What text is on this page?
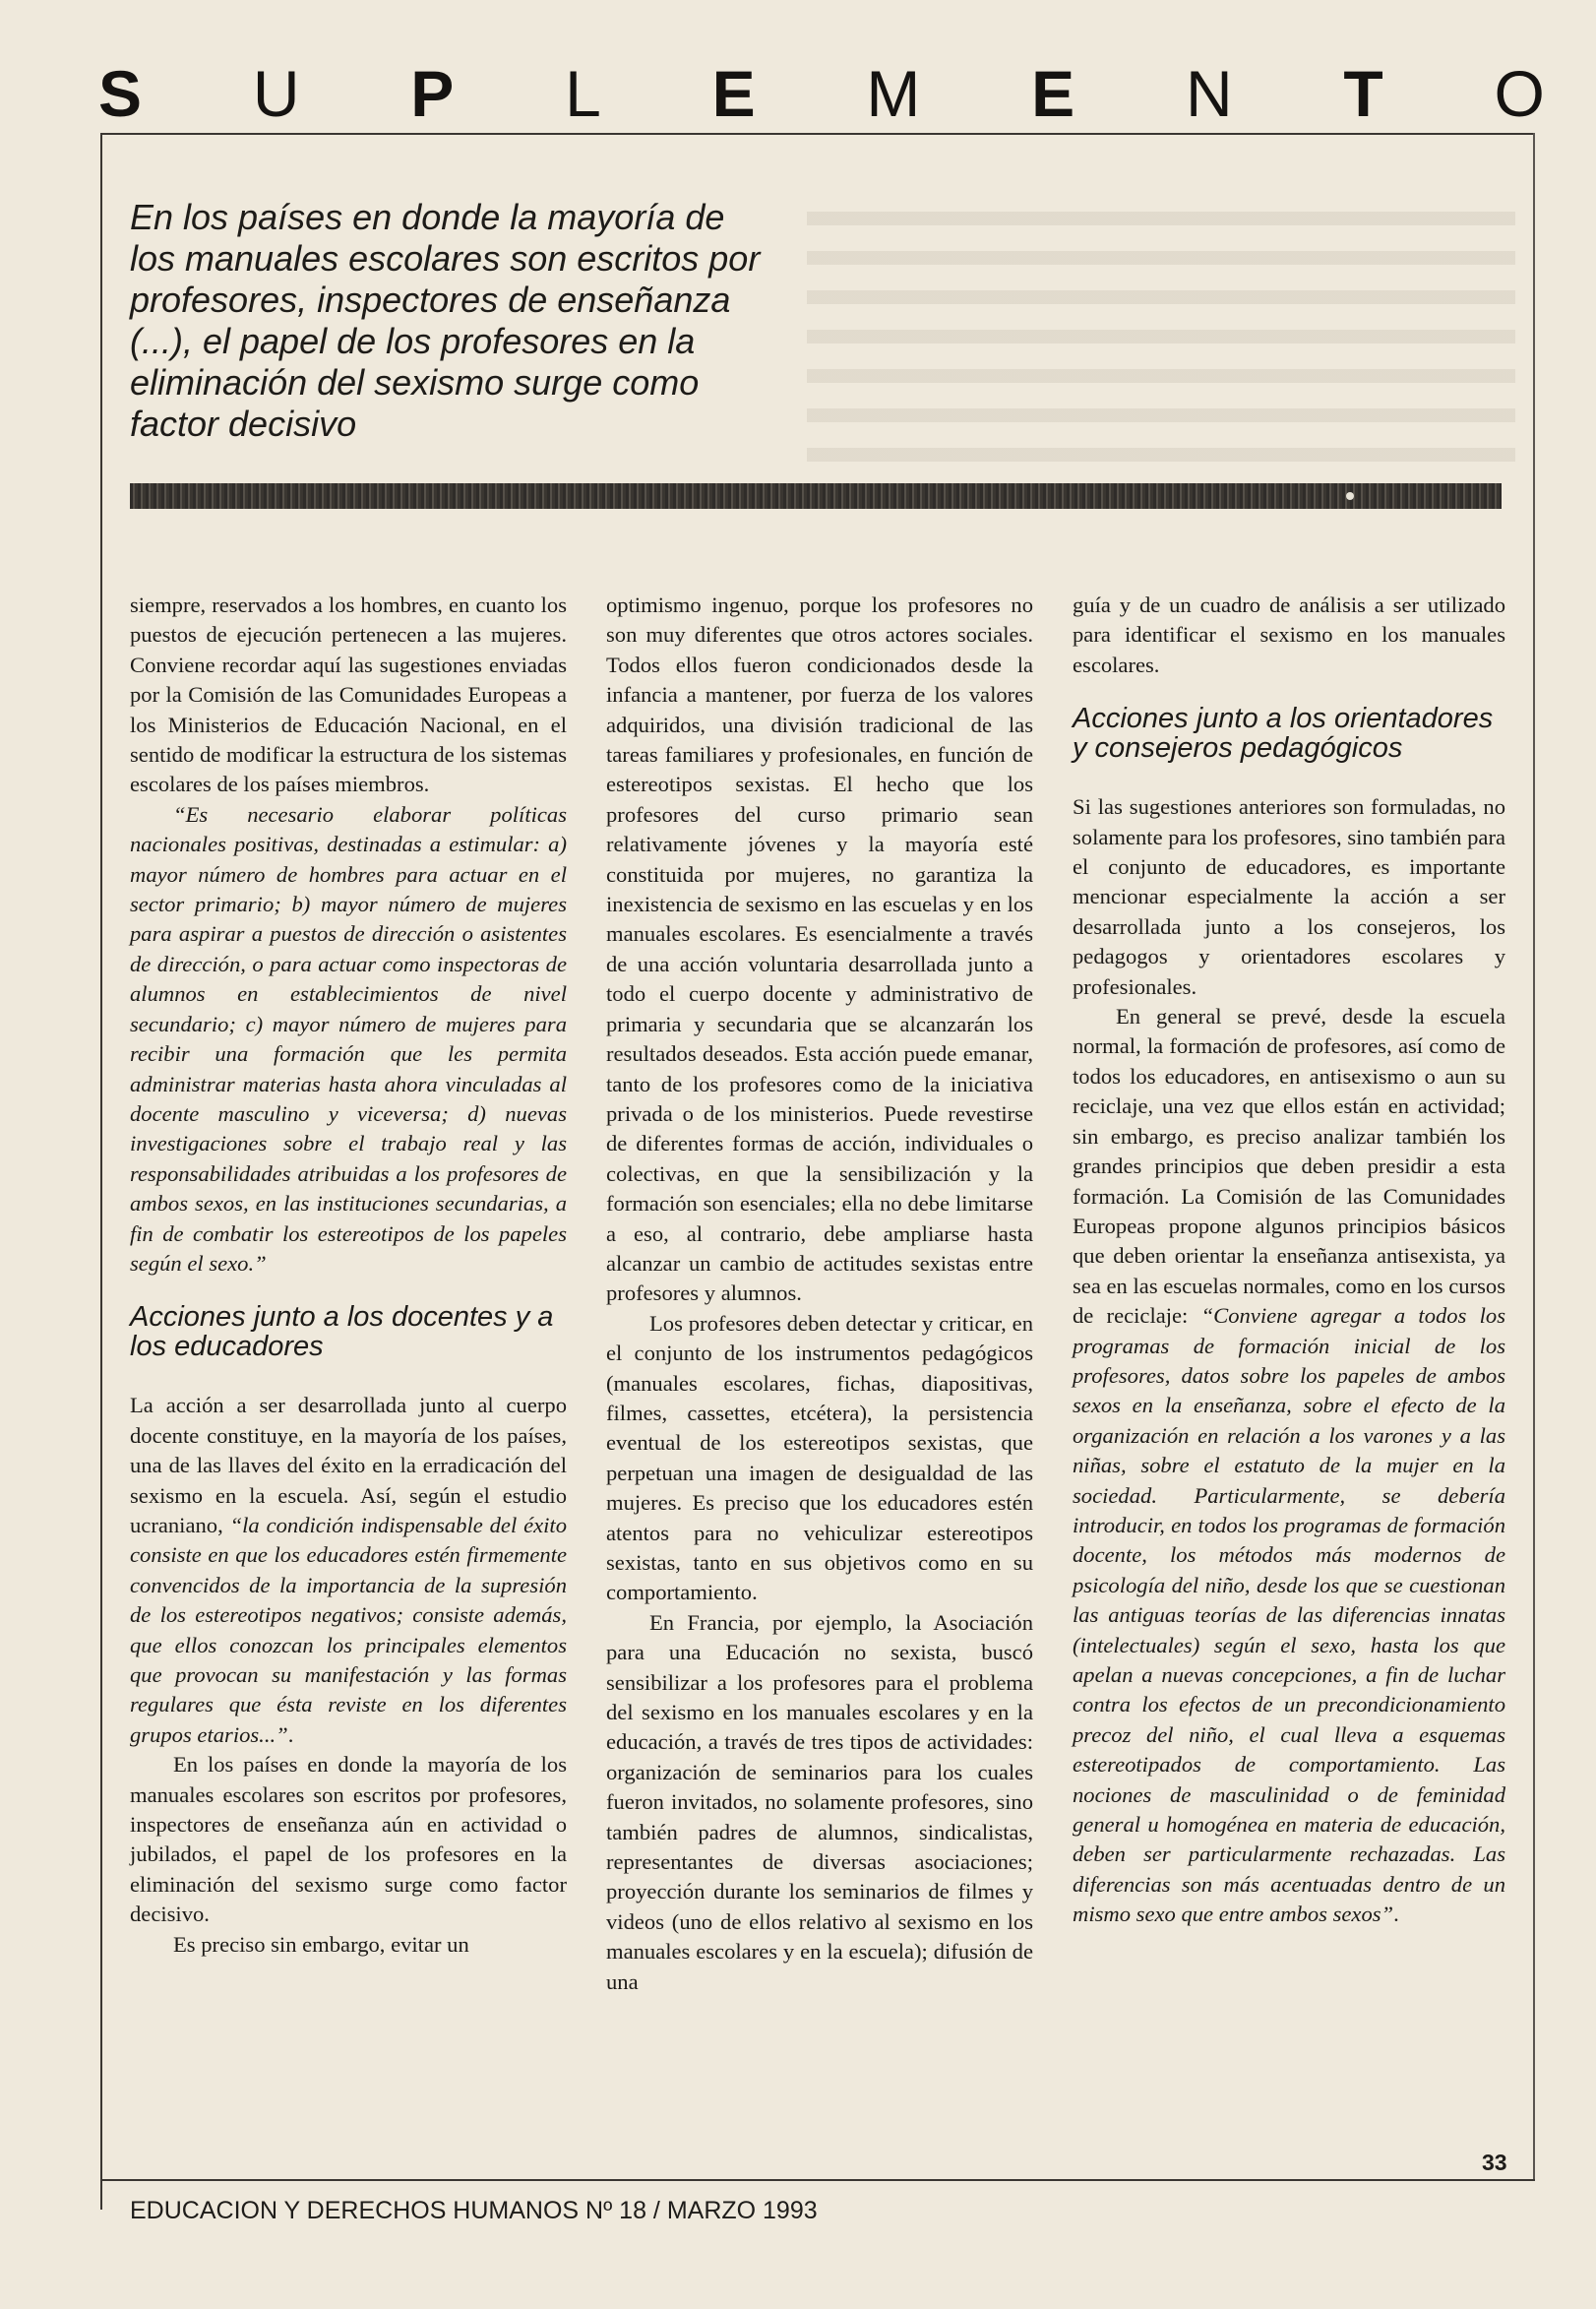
S U P L E M E N T O

En los países en donde la mayoría de los manuales escolares son escritos por profesores, inspectores de enseñanza (...), el papel de los profesores en la eliminación del sexismo surge como factor decisivo

siempre, reservados a los hombres, en cuanto los puestos de ejecución pertenecen a las mujeres. Conviene recordar aquí las sugestiones enviadas por la Comisión de las Comunidades Europeas a los Ministerios de Educación Nacional, en el sentido de modificar la estructura de los sistemas escolares de los países miembros.

“Es necesario elaborar políticas nacionales positivas, destinadas a estimular: a) mayor número de hombres para actuar en el sector primario; b) mayor número de mujeres para aspirar a puestos de dirección o asistentes de dirección, o para actuar como inspectoras de alumnos en establecimientos de nivel secundario; c) mayor número de mujeres para recibir una formación que les permita administrar materias hasta ahora vinculadas al docente masculino y viceversa; d) nuevas investigaciones sobre el trabajo real y las responsabilidades atribuidas a los profesores de ambos sexos, en las instituciones secundarias, a fin de combatir los estereotipos de los papeles según el sexo.”

Acciones junto a los docentes y a los educadores

La acción a ser desarrollada junto al cuerpo docente constituye, en la mayoría de los países, una de las llaves del éxito en la erradicación del sexismo en la escuela. Así, según el estudio ucraniano, “la condición indispensable del éxito consiste en que los educadores estén firmemente convencidos de la importancia de la supresión de los estereotipos negativos; consiste además, que ellos conozcan los principales elementos que provocan su manifestación y las formas regulares que ésta reviste en los diferentes grupos etarios...”.

En los países en donde la mayoría de los manuales escolares son escritos por profesores, inspectores de enseñanza aún en actividad o jubilados, el papel de los profesores en la eliminación del sexismo surge como factor decisivo.

Es preciso sin embargo, evitar un

optimismo ingenuo, porque los profesores no son muy diferentes que otros actores sociales. Todos ellos fueron condicionados desde la infancia a mantener, por fuerza de los valores adquiridos, una división tradicional de las tareas familiares y profesionales, en función de estereotipos sexistas. El hecho que los profesores del curso primario sean relativamente jóvenes y la mayoría esté constituida por mujeres, no garantiza la inexistencia de sexismo en las escuelas y en los manuales escolares. Es esencialmente a través de una acción voluntaria desarrollada junto a todo el cuerpo docente y administrativo de primaria y secundaria que se alcanzarán los resultados deseados. Esta acción puede emanar, tanto de los profesores como de la iniciativa privada o de los ministerios. Puede revestirse de diferentes formas de acción, individuales o colectivas, en que la sensibilización y la formación son esenciales; ella no debe limitarse a eso, al contrario, debe ampliarse hasta alcanzar un cambio de actitudes sexistas entre profesores y alumnos.

Los profesores deben detectar y criticar, en el conjunto de los instrumentos pedagógicos (manuales escolares, fichas, diapositivas, filmes, cassettes, etcétera), la persistencia eventual de los estereotipos sexistas, que perpetuan una imagen de desigualdad de las mujeres. Es preciso que los educadores estén atentos para no vehiculizar estereotipos sexistas, tanto en sus objetivos como en su comportamiento.

En Francia, por ejemplo, la Asociación para una Educación no sexista, buscó sensibilizar a los profesores para el problema del sexismo en los manuales escolares y en la educación, a través de tres tipos de actividades: organización de seminarios para los cuales fueron invitados, no solamente profesores, sino también padres de alumnos, sindicalistas, representantes de diversas asociaciones; proyección durante los seminarios de filmes y videos (uno de ellos relativo al sexismo en los manuales escolares y en la escuela); difusión de una

guía y de un cuadro de análisis a ser utilizado para identificar el sexismo en los manuales escolares.

Acciones junto a los orientadores y consejeros pedagógicos

Si las sugestiones anteriores son formuladas, no solamente para los profesores, sino también para el conjunto de educadores, es importante mencionar especialmente la acción a ser desarrollada junto a los consejeros, los pedagogos y orientadores escolares y profesionales.

En general se prevé, desde la escuela normal, la formación de profesores, así como de todos los educadores, en antisexismo o aun su reciclaje, una vez que ellos están en actividad; sin embargo, es preciso analizar también los grandes principios que deben presidir a esta formación. La Comisión de las Comunidades Europeas propone algunos principios básicos que deben orientar la enseñanza antisexista, ya sea en las escuelas normales, como en los cursos de reciclaje: “Conviene agregar a todos los programas de formación inicial de los profesores, datos sobre los papeles de ambos sexos en la enseñanza, sobre el efecto de la organización en relación a los varones y a las niñas, sobre el estatuto de la mujer en la sociedad. Particularmente, se debería introducir, en todos los programas de formación docente, los métodos más modernos de psicología del niño, desde los que se cuestionan las antiguas teorías de las diferencias innatas (intelectuales) según el sexo, hasta los que apelan a nuevas concepciones, a fin de luchar contra los efectos de un precondicionamiento precoz del niño, el cual lleva a esquemas estereotipados de comportamiento. Las nociones de masculinidad o de feminidad general u homogénea en materia de educación, deben ser particularmente rechazadas. Las diferencias son más acentuadas dentro de un mismo sexo que entre ambos sexos”.

EDUCACION Y DERECHOS HUMANOS Nº 18 / MARZO 1993
33
